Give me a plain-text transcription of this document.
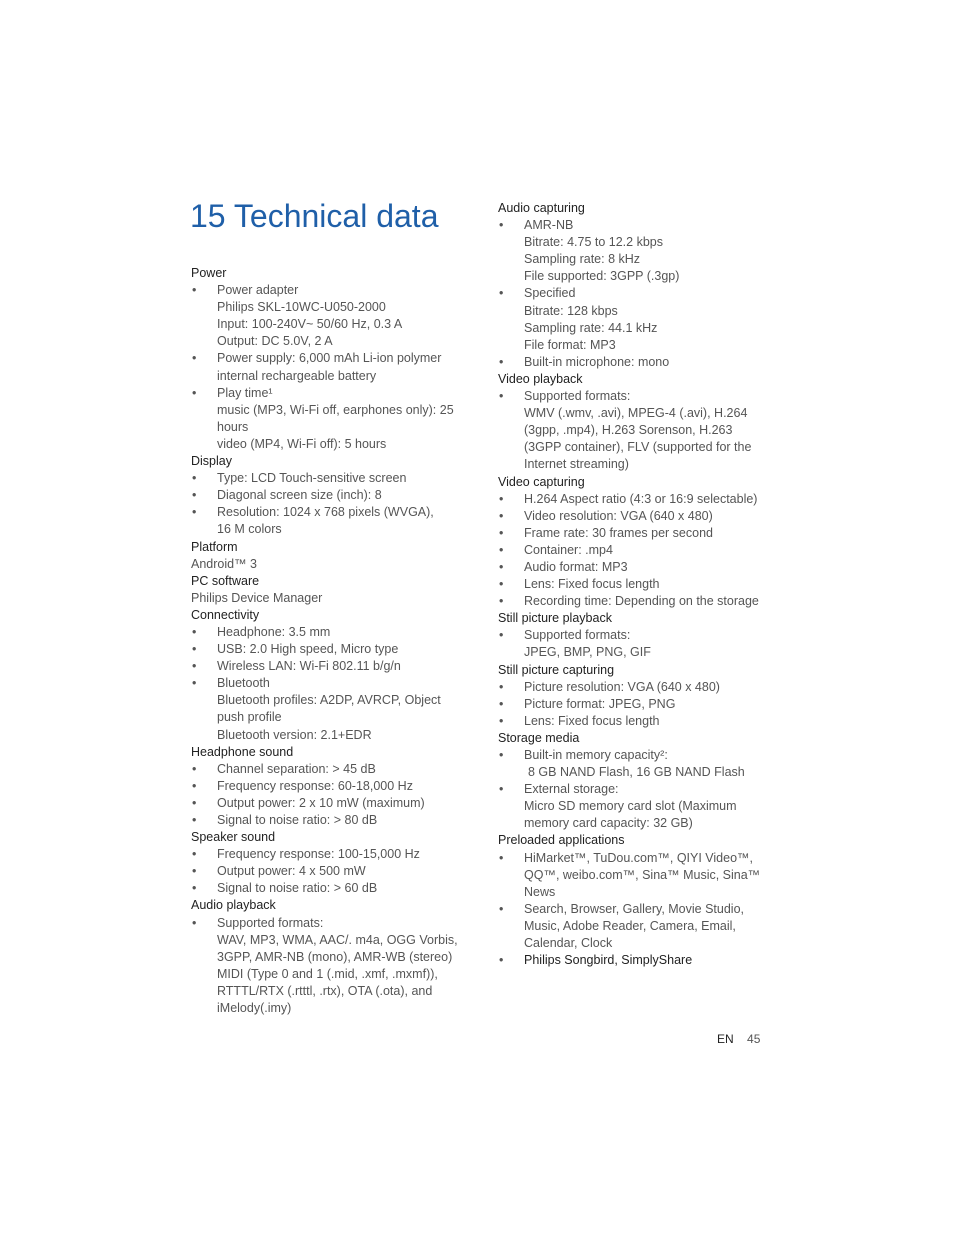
15 Technical data
Power
• Power adapter
Philips SKL-10WC-U050-2000
Input: 100-240V~ 50/60 Hz, 0.3 A
Output: DC 5.0V, 2 A
• Power supply: 6,000 mAh Li-ion polymer
internal rechargeable battery
• Play time¹
music (MP3, Wi-Fi off, earphones only): 25
hours
video (MP4, Wi-Fi off): 5 hours
Display
• Type: LCD Touch-sensitive screen
• Diagonal screen size (inch): 8
• Resolution: 1024 x 768 pixels (WVGA),
16 M colors
Platform
Android™ 3
PC software
Philips Device Manager
Connectivity
• Headphone: 3.5 mm
• USB: 2.0 High speed, Micro type
• Wireless LAN: Wi-Fi 802.11 b/g/n
• Bluetooth
Bluetooth profiles: A2DP, AVRCP, Object
push profile
Bluetooth version: 2.1+EDR
Headphone sound
• Channel separation: > 45 dB
• Frequency response: 60-18,000 Hz
• Output power: 2 x 10 mW (maximum)
• Signal to noise ratio: > 80 dB
Speaker sound
• Frequency response: 100-15,000 Hz
• Output power: 4 x 500 mW
• Signal to noise ratio: > 60 dB
Audio playback
• Supported formats:
WAV, MP3, WMA, AAC/. m4a, OGG Vorbis,
3GPP, AMR-NB (mono), AMR-WB (stereo)
MIDI (Type 0 and 1 (.mid, .xmf, .mxmf)),
RTTTL/RTX (.rtttl, .rtx), OTA (.ota), and
iMelody(.imy)
Audio capturing
• AMR-NB
Bitrate: 4.75 to 12.2 kbps
Sampling rate: 8 kHz
File supported: 3GPP (.3gp)
• Specified
Bitrate: 128 kbps
Sampling rate: 44.1 kHz
File format: MP3
• Built-in microphone: mono
Video playback
• Supported formats:
WMV (.wmv, .avi), MPEG-4 (.avi), H.264
(3gpp, .mp4), H.263 Sorenson, H.263
(3GPP container), FLV (supported for the
Internet streaming)
Video capturing
• H.264 Aspect ratio (4:3 or 16:9 selectable)
• Video resolution: VGA (640 x 480)
• Frame rate: 30 frames per second
• Container: .mp4
• Audio format: MP3
• Lens: Fixed focus length
• Recording time: Depending on the storage
Still picture playback
• Supported formats:
JPEG, BMP, PNG, GIF
Still picture capturing
• Picture resolution: VGA (640 x 480)
• Picture format: JPEG, PNG
• Lens: Fixed focus length
Storage media
• Built-in memory capacity²:
8 GB NAND Flash, 16 GB NAND Flash
• External storage:
Micro SD memory card slot (Maximum
memory card capacity: 32 GB)
Preloaded applications
• HiMarket™, TuDou.com™, QIYI Video™,
QQ™, weibo.com™, Sina™ Music, Sina™
News
• Search, Browser, Gallery, Movie Studio,
Music, Adobe Reader, Camera, Email,
Calendar, Clock
• Philips Songbird, SimplyShare
EN 45
